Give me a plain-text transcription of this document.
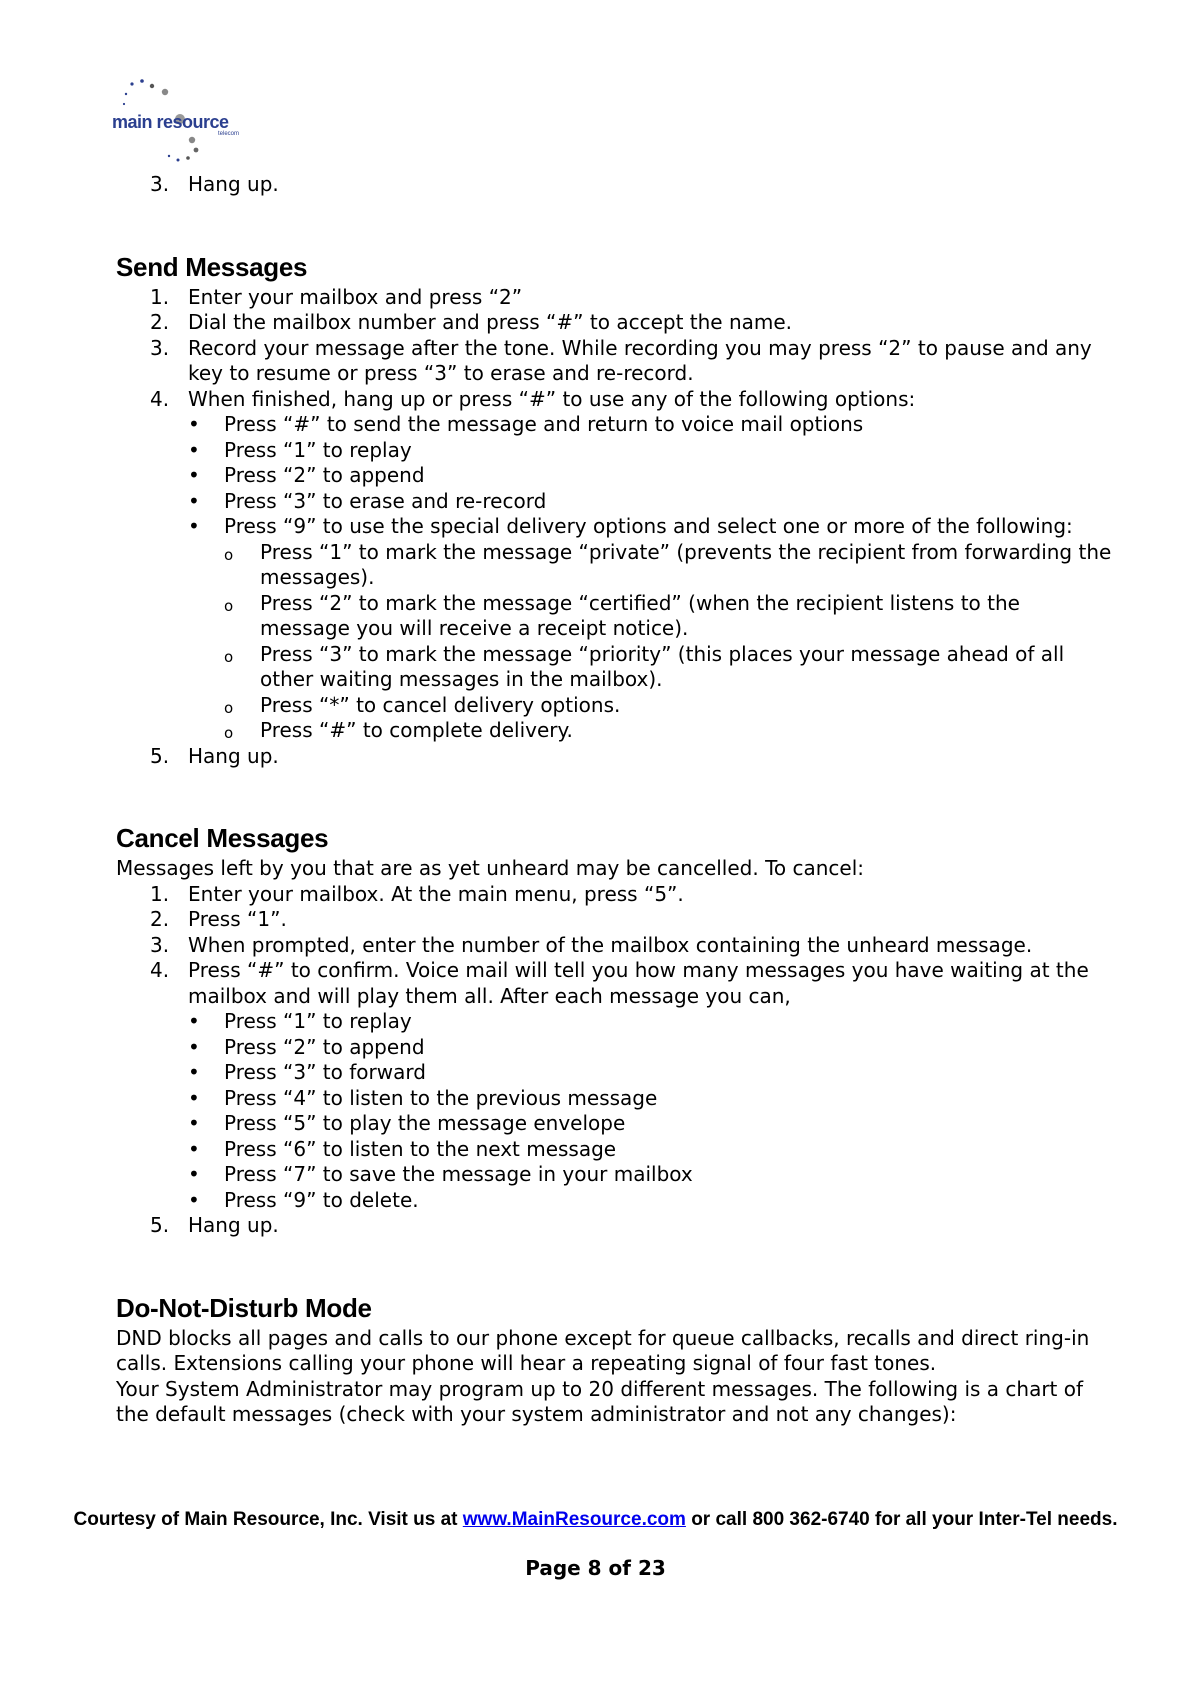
main resource
telecom
3. Hang up.
Send Messages
1. Enter your mailbox and press “2”
2. Dial the mailbox number and press “#” to accept the name.
3. Record your message after the tone. While recording you may press “2” to pause and any key to resume or press “3” to erase and re-record.
4. When finished, hang up or press “#” to use any of the following options:
• Press “#” to send the message and return to voice mail options
• Press “1” to replay
• Press “2” to append
• Press “3” to erase and re-record
• Press “9” to use the special delivery options and select one or more of the following:
o Press “1” to mark the message “private” (prevents the recipient from forwarding the messages).
o Press “2” to mark the message “certified” (when the recipient listens to the message you will receive a receipt notice).
o Press “3” to mark the message “priority” (this places your message ahead of all other waiting messages in the mailbox).
o Press “*” to cancel delivery options.
o Press “#” to complete delivery.
5. Hang up.
Cancel Messages

Messages left by you that are as yet unheard may be cancelled. To cancel:

1. Enter your mailbox. At the main menu, press “5”.
2. Press “1”.
3. When prompted, enter the number of the mailbox containing the unheard message.
4. Press “#” to confirm. Voice mail will tell you how many messages you have waiting at the mailbox and will play them all. After each message you can,
• Press “1” to replay
• Press “2” to append
• Press “3” to forward
• Press “4” to listen to the previous message
• Press “5” to play the message envelope
• Press “6” to listen to the next message
• Press “7” to save the message in your mailbox
• Press “9” to delete.
5. Hang up.
Do-Not-Disturb Mode

DND blocks all pages and calls to our phone except for queue callbacks, recalls and direct ring-in calls. Extensions calling your phone will hear a repeating signal of four fast tones.

Your System Administrator may program up to 20 different messages. The following is a chart of the default messages (check with your system administrator and not any changes):

Courtesy of Main Resource, Inc. Visit us at www.MainResource.com or call 800 362-6740 for all your Inter-Tel needs.
Page 8 of 23
